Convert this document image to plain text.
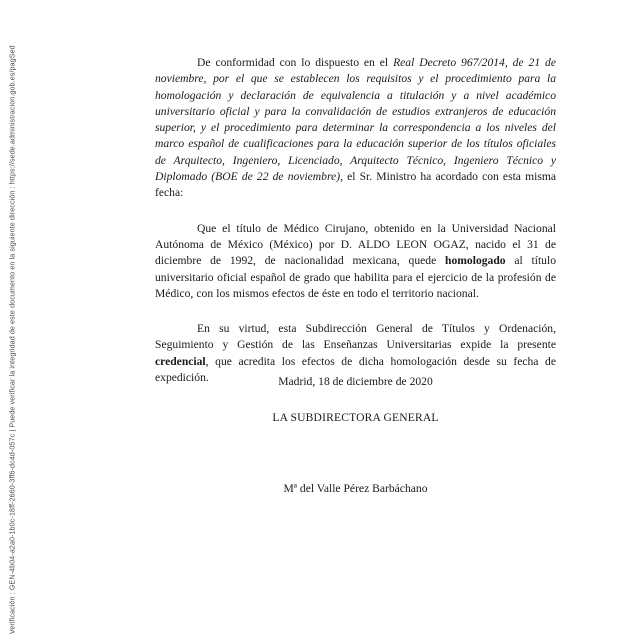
Verificación : GEN-4b04-a2a0-1b0c-18ff-2660-3ff6-dc4d-057c | Puede verificar la integridad de este documento en la siguiente dirección : https://sede.administracion.gob.es/pagSed	De conformidad con lo dispuesto en el Real Decreto 967/2014, de 21 de noviembre, por el que se establecen los requisitos y el procedimiento para la homologación y declaración de equivalencia a titulación y a nivel académico universitario oficial y para la convalidación de estudios extranjeros de educación superior, y el procedimiento para determinar la correspondencia a los niveles del marco español de cualificaciones para la educación superior de los títulos oficiales de Arquitecto, Ingeniero, Licenciado, Arquitecto Técnico, Ingeniero Técnico y Diplomado (BOE de 22 de noviembre), el Sr. Ministro ha acordado con esta misma fecha:

Que el título de Médico Cirujano, obtenido en la Universidad Nacional Autónoma de México (México) por D. ALDO LEON OGAZ, nacido el 31 de diciembre de 1992, de nacionalidad mexicana, quede homologado al título universitario oficial español de grado que habilita para el ejercicio de la profesión de Médico, con los mismos efectos de éste en todo el territorio nacional.

En su virtud, esta Subdirección General de Títulos y Ordenación, Seguimiento y Gestión de las Enseñanzas Universitarias expide la presente credencial, que acredita los efectos de dicha homologación desde su fecha de expedición.	Madrid, 18 de diciembre de 2020

LA SUBDIRECTORA GENERAL

Mª del Valle Pérez Barbáchano
